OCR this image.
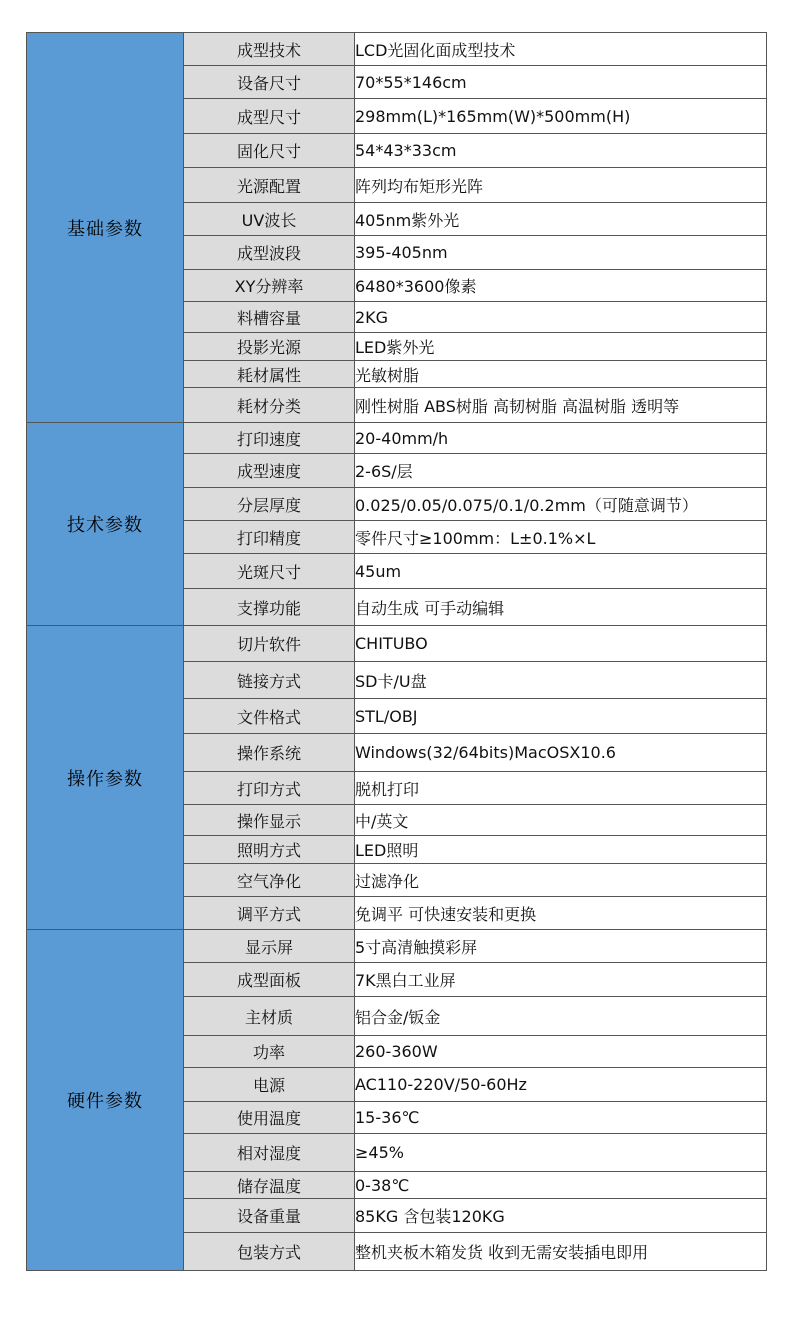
基础参数	成型技术	LCD光固化面成型技术
	设备尺寸	70*55*146cm
	成型尺寸	298mm(L)*165mm(W)*500mm(H)
	固化尺寸	54*43*33cm
	光源配置	阵列均布矩形光阵
	UV波长	405nm紫外光
	成型波段	395-405nm
	XY分辨率	6480*3600像素
	料槽容量	2KG
	投影光源	LED紫外光
	耗材属性	光敏树脂
	耗材分类	刚性树脂 ABS树脂 高韧树脂 高温树脂 透明等
技术参数	打印速度	20-40mm/h
	成型速度	2-6S/层
	分层厚度	0.025/0.05/0.075/0.1/0.2mm（可随意调节）
	打印精度	零件尺寸≥100mm：L±0.1%×L
	光斑尺寸	45um
	支撑功能	自动生成 可手动编辑
操作参数	切片软件	CHITUBO
	链接方式	SD卡/U盘
	文件格式	STL/OBJ
	操作系统	Windows(32/64bits)MacOSX10.6
	打印方式	脱机打印
	操作显示	中/英文
	照明方式	LED照明
	空气净化	过滤净化
	调平方式	免调平 可快速安装和更换
硬件参数	显示屏	5寸高清触摸彩屏
	成型面板	7K黑白工业屏
	主材质	铝合金/钣金
	功率	260-360W
	电源	AC110-220V/50-60Hz
	使用温度	15-36℃
	相对湿度	≥45%
	储存温度	0-38℃
	设备重量	85KG 含包装120KG
	包装方式	整机夹板木箱发货 收到无需安装插电即用
